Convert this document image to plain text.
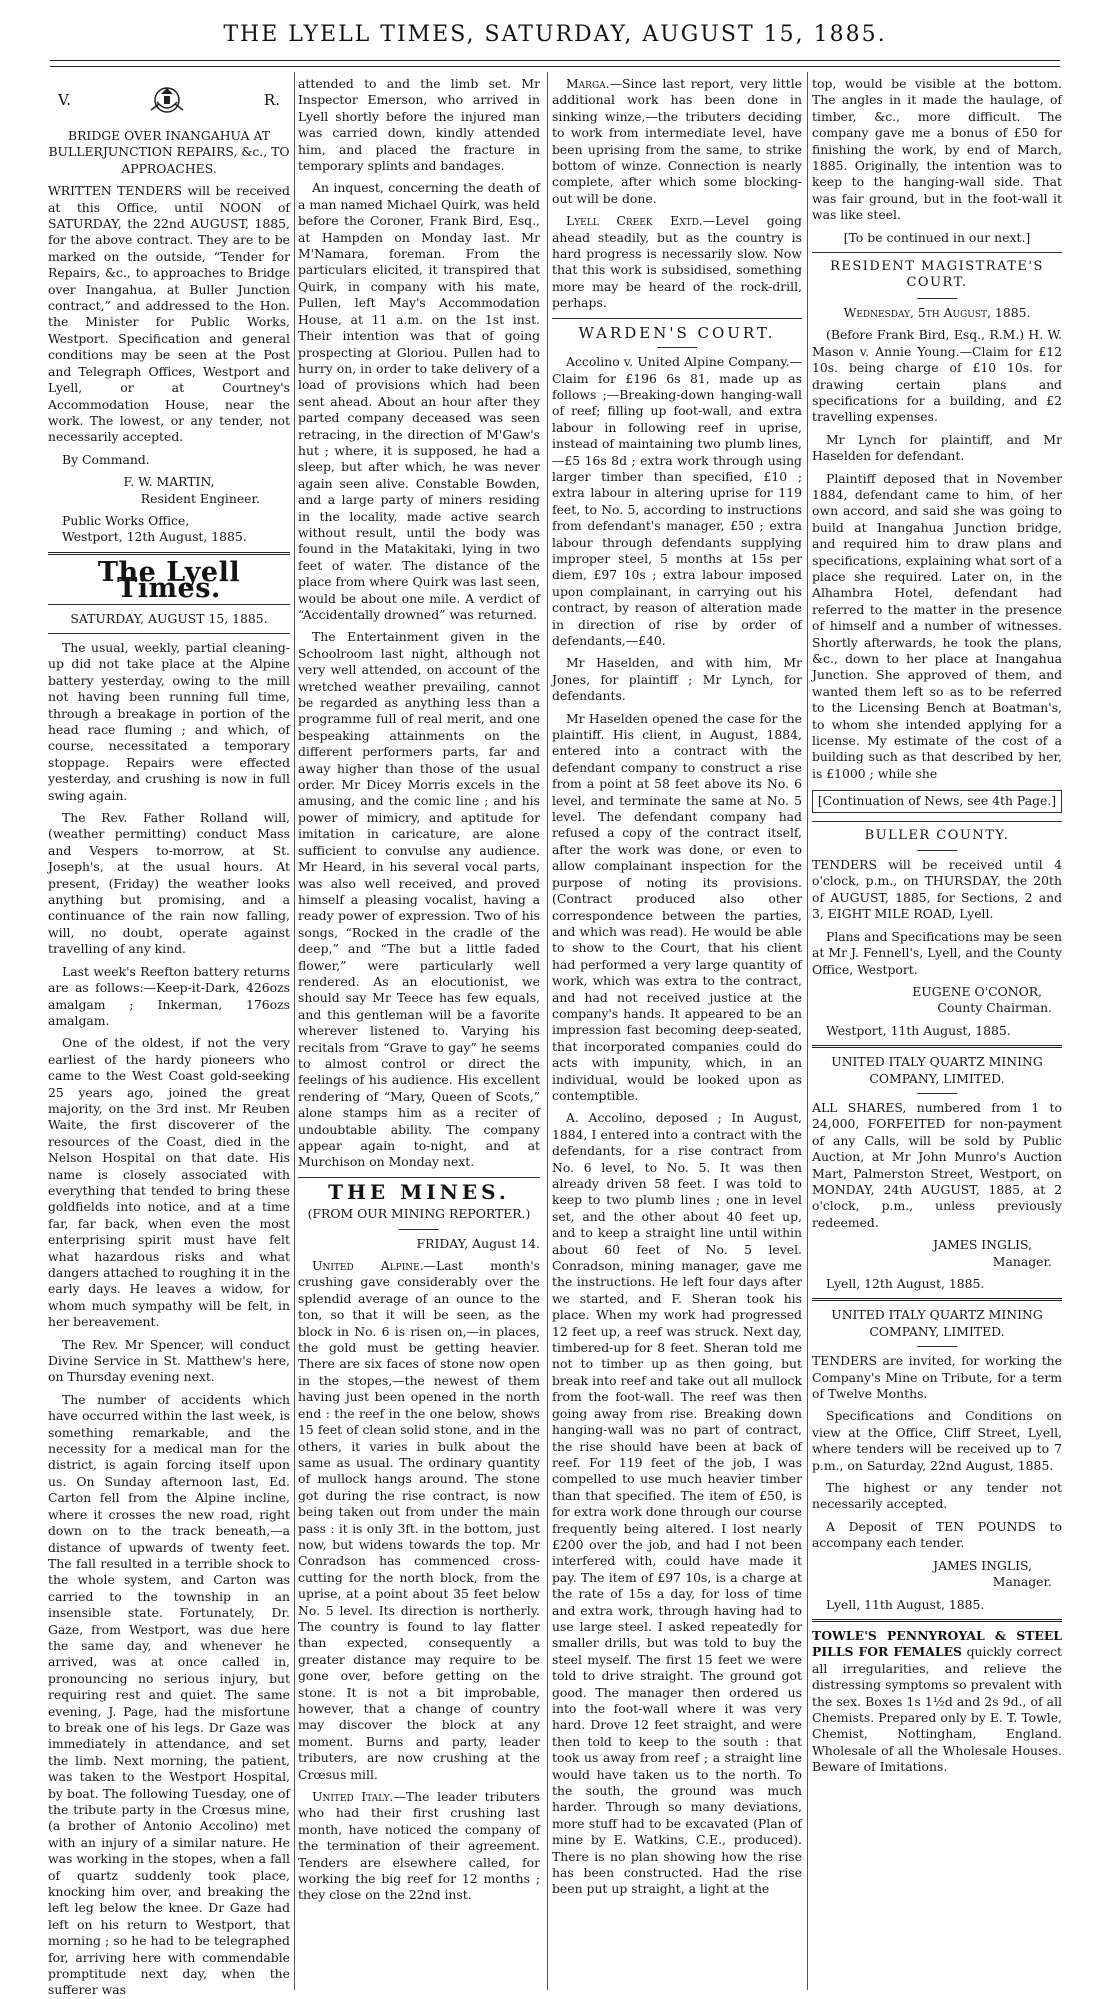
THE LYELL TIMES, SATURDAY, AUGUST 15, 1885.
V.	R.

BRIDGE OVER INANGAHUA AT BULLERJUNCTION REPAIRS, &c., TO APPROACHES.

WRITTEN TENDERS will be received at this Office, until NOON of SATURDAY, the 22nd AUGUST, 1885, for the above contract. They are to be marked on the outside, “Tender for Repairs, &c., to approaches to Bridge over Inangahua, at Buller Junction contract,” and addressed to the Hon. the Minister for Public Works, Westport. Specification and general conditions may be seen at the Post and Telegraph Offices, Westport and Lyell, or at Courtney's Accommodation House, near the work. The lowest, or any tender, not necessarily accepted.

By Command.

F. W. MARTIN,

Resident Engineer.

Public Works Office,

Westport, 12th August, 1885.

The Lyell Times.

SATURDAY, AUGUST 15, 1885.

The usual, weekly, partial cleaning-up did not take place at the Alpine battery yesterday, owing to the mill not having been running full time, through a breakage in portion of the head race fluming ; and which, of course, necessitated a temporary stoppage. Repairs were effected yesterday, and crushing is now in full swing again.

The Rev. Father Rolland will, (weather permitting) conduct Mass and Vespers to-morrow, at St. Joseph's, at the usual hours. At present, (Friday) the weather looks anything but promising, and a continuance of the rain now falling, will, no doubt, operate against travelling of any kind.

Last week's Reefton battery returns are as follows:—Keep-it-Dark, 426ozs amalgam ; Inkerman, 176ozs amalgam.

One of the oldest, if not the very earliest of the hardy pioneers who came to the West Coast gold-seeking 25 years ago, joined the great majority, on the 3rd inst. Mr Reuben Waite, the first discoverer of the resources of the Coast, died in the Nelson Hospital on that date. His name is closely associated with everything that tended to bring these goldfields into notice, and at a time far, far back, when even the most enterprising spirit must have felt what hazardous risks and what dangers attached to roughing it in the early days. He leaves a widow, for whom much sympathy will be felt, in her bereavement.

The Rev. Mr Spencer, will conduct Divine Service in St. Matthew's here, on Thursday evening next.

The number of accidents which have occurred within the last week, is something remarkable, and the necessity for a medical man for the district, is again forcing itself upon us. On Sunday afternoon last, Ed. Carton fell from the Alpine incline, where it crosses the new road, right down on to the track beneath,—a distance of upwards of twenty feet. The fall resulted in a terrible shock to the whole system, and Carton was carried to the township in an insensible state. Fortunately, Dr. Gaze, from Westport, was due here the same day, and whenever he arrived, was at once called in, pronouncing no serious injury, but requiring rest and quiet. The same evening, J. Page, had the misfortune to break one of his legs. Dr Gaze was immediately in attendance, and set the limb. Next morning, the patient, was taken to the Westport Hospital, by boat. The following Tuesday, one of the tribute party in the Crœsus mine, (a brother of Antonio Accolino) met with an injury of a similar nature. He was working in the stopes, when a fall of quartz suddenly took place, knocking him over, and breaking the left leg below the knee. Dr Gaze had left on his return to Westport, that morning ; so he had to be telegraphed for, arriving here with commendable promptitude next day, when the sufferer was

attended to and the limb set. Mr Inspector Emerson, who arrived in Lyell shortly before the injured man was carried down, kindly attended him, and placed the fracture in temporary splints and bandages.

An inquest, concerning the death of a man named Michael Quirk, was held before the Coroner, Frank Bird, Esq., at Hampden on Monday last. Mr M'Namara, foreman. From the particulars elicited, it transpired that Quirk, in company with his mate, Pullen, left May's Accommodation House, at 11 a.m. on the 1st inst. Their intention was that of going prospecting at Gloriou. Pullen had to hurry on, in order to take delivery of a load of provisions which had been sent ahead. About an hour after they parted company deceased was seen retracing, in the direction of M'Gaw's hut ; where, it is supposed, he had a sleep, but after which, he was never again seen alive. Constable Bowden, and a large party of miners residing in the locality, made active search without result, until the body was found in the Matakitaki, lying in two feet of water. The distance of the place from where Quirk was last seen, would be about one mile. A verdict of “Accidentally drowned” was returned.

The Entertainment given in the Schoolroom last night, although not very well attended, on account of the wretched weather prevailing, cannot be regarded as anything less than a programme full of real merit, and one bespeaking attainments on the different performers parts, far and away higher than those of the usual order. Mr Dicey Morris excels in the amusing, and the comic line ; and his power of mimicry, and aptitude for imitation in caricature, are alone sufficient to convulse any audience. Mr Heard, in his several vocal parts, was also well received, and proved himself a pleasing vocalist, having a ready power of expression. Two of his songs, “Rocked in the cradle of the deep,” and “The but a little faded flower,” were particularly well rendered. As an elocutionist, we should say Mr Teece has few equals, and this gentleman will be a favorite wherever listened to. Varying his recitals from “Grave to gay” he seems to almost control or direct the feelings of his audience. His excellent rendering of “Mary, Queen of Scots,” alone stamps him as a reciter of undoubtable ability. The company appear again to-night, and at Murchison on Monday next.

THE MINES.

(FROM OUR MINING REPORTER.)

FRIDAY, August 14.

United Alpine.—Last month's crushing gave considerably over the splendid average of an ounce to the ton, so that it will be seen, as the block in No. 6 is risen on,—in places, the gold must be getting heavier. There are six faces of stone now open in the stopes,—the newest of them having just been opened in the north end : the reef in the one below, shows 15 feet of clean solid stone, and in the others, it varies in bulk about the same as usual. The ordinary quantity of mullock hangs around. The stone got during the rise contract, is now being taken out from under the main pass : it is only 3ft. in the bottom, just now, but widens towards the top. Mr Conradson has commenced cross-cutting for the north block, from the uprise, at a point about 35 feet below No. 5 level. Its direction is northerly. The country is found to lay flatter than expected, consequently a greater distance may require to be gone over, before getting on the stone. It is not a bit improbable, however, that a change of country may discover the block at any moment. Burns and party, leader tributers, are now crushing at the Crœsus mill.

United Italy.—The leader tributers who had their first crushing last month, have noticed the company of the termination of their agreement. Tenders are elsewhere called, for working the big reef for 12 months ; they close on the 22nd inst.

Marga.—Since last report, very little additional work has been done in sinking winze,—the tributers deciding to work from intermediate level, have been uprising from the same, to strike bottom of winze. Connection is nearly complete, after which some blocking-out will be done.

Lyell Creek Extd.—Level going ahead steadily, but as the country is hard progress is necessarily slow. Now that this work is subsidised, something more may be heard of the rock-drill, perhaps.

WARDEN'S COURT.

Accolino v. United Alpine Company.—Claim for £196 6s 81, made up as follows ;—Breaking-down hanging-wall of reef; filling up foot-wall, and extra labour in following reef in uprise, instead of maintaining two plumb lines,—£5 16s 8d ; extra work through using larger timber than specified, £10 ; extra labour in altering uprise for 119 feet, to No. 5, according to instructions from defendant's manager, £50 ; extra labour through defendants supplying improper steel, 5 months at 15s per diem, £97 10s ; extra labour imposed upon complainant, in carrying out his contract, by reason of alteration made in direction of rise by order of defendants,—£40.

Mr Haselden, and with him, Mr Jones, for plaintiff ; Mr Lynch, for defendants.

Mr Haselden opened the case for the plaintiff. His client, in August, 1884, entered into a contract with the defendant company to construct a rise from a point at 58 feet above its No. 6 level, and terminate the same at No. 5 level. The defendant company had refused a copy of the contract itself, after the work was done, or even to allow complainant inspection for the purpose of noting its provisions. (Contract produced also other correspondence between the parties, and which was read). He would be able to show to the Court, that his client had performed a very large quantity of work, which was extra to the contract, and had not received justice at the company's hands. It appeared to be an impression fast becoming deep-seated, that incorporated companies could do acts with impunity, which, in an individual, would be looked upon as contemptible.

A. Accolino, deposed ; In August, 1884, I entered into a contract with the defendants, for a rise contract from No. 6 level, to No. 5. It was then already driven 58 feet. I was told to keep to two plumb lines ; one in level set, and the other about 40 feet up, and to keep a straight line until within about 60 feet of No. 5 level. Conradson, mining manager, gave me the instructions. He left four days after we started, and F. Sheran took his place. When my work had progressed 12 feet up, a reef was struck. Next day, timbered-up for 8 feet. Sheran told me not to timber up as then going, but break into reef and take out all mullock from the foot-wall. The reef was then going away from rise. Breaking down hanging-wall was no part of contract, the rise should have been at back of reef. For 119 feet of the job, I was compelled to use much heavier timber than that specified. The item of £50, is for extra work done through our course frequently being altered. I lost nearly £200 over the job, and had I not been interfered with, could have made it pay. The item of £97 10s, is a charge at the rate of 15s a day, for loss of time and extra work, through having had to use large steel. I asked repeatedly for smaller drills, but was told to buy the steel myself. The first 15 feet we were told to drive straight. The ground got good. The manager then ordered us into the foot-wall where it was very hard. Drove 12 feet straight, and were then told to keep to the south : that took us away from reef ; a straight line would have taken us to the north. To the south, the ground was much harder. Through so many deviations, more stuff had to be excavated (Plan of mine by E. Watkins, C.E., produced). There is no plan showing how the rise has been constructed. Had the rise been put up straight, a light at the

top, would be visible at the bottom. The angles in it made the haulage, of timber, &c., more difficult. The company gave me a bonus of £50 for finishing the work, by end of March, 1885. Originally, the intention was to keep to the hanging-wall side. That was fair ground, but in the foot-wall it was like steel.

[To be continued in our next.]

RESIDENT MAGISTRATE'S COURT.

Wednesday, 5th August, 1885.

(Before Frank Bird, Esq., R.M.) H. W. Mason v. Annie Young.—Claim for £12 10s. being charge of £10 10s. for drawing certain plans and specifications for a building, and £2 travelling expenses.

Mr Lynch for plaintiff, and Mr Haselden for defendant.

Plaintiff deposed that in November 1884, defendant came to him, of her own accord, and said she was going to build at Inangahua Junction bridge, and required him to draw plans and specifications, explaining what sort of a place she required. Later on, in the Alhambra Hotel, defendant had referred to the matter in the presence of himself and a number of witnesses. Shortly afterwards, he took the plans, &c., down to her place at Inangahua Junction. She approved of them, and wanted them left so as to be referred to the Licensing Bench at Boatman's, to whom she intended applying for a license. My estimate of the cost of a building such as that described by her, is £1000 ; while she

[Continuation of News, see 4th Page.]

BULLER COUNTY.

TENDERS will be received until 4 o'clock, p.m., on THURSDAY, the 20th of AUGUST, 1885, for Sections, 2 and 3, EIGHT MILE ROAD, Lyell.

Plans and Specifications may be seen at Mr J. Fennell's, Lyell, and the County Office, Westport.

EUGENE O'CONOR,

County Chairman.

Westport, 11th August, 1885.

UNITED ITALY QUARTZ MINING COMPANY, LIMITED.

ALL SHARES, numbered from 1 to 24,000, FORFEITED for non-payment of any Calls, will be sold by Public Auction, at Mr John Munro's Auction Mart, Palmerston Street, Westport, on MONDAY, 24th AUGUST, 1885, at 2 o'clock, p.m., unless previously redeemed.

JAMES INGLIS,

Manager.

Lyell, 12th August, 1885.

UNITED ITALY QUARTZ MINING COMPANY, LIMITED.

TENDERS are invited, for working the Company's Mine on Tribute, for a term of Twelve Months.

Specifications and Conditions on view at the Office, Cliff Street, Lyell, where tenders will be received up to 7 p.m., on Saturday, 22nd August, 1885.

The highest or any tender not necessarily accepted.

A Deposit of TEN POUNDS to accompany each tender.

JAMES INGLIS,

Manager.

Lyell, 11th August, 1885.

TOWLE'S PENNYROYAL & STEEL PILLS FOR FEMALES quickly correct all irregularities, and relieve the distressing symptoms so prevalent with the sex. Boxes 1s 1½d and 2s 9d., of all Chemists. Prepared only by E. T. Towle, Chemist, Nottingham, England. Wholesale of all the Wholesale Houses. Beware of Imitations.
